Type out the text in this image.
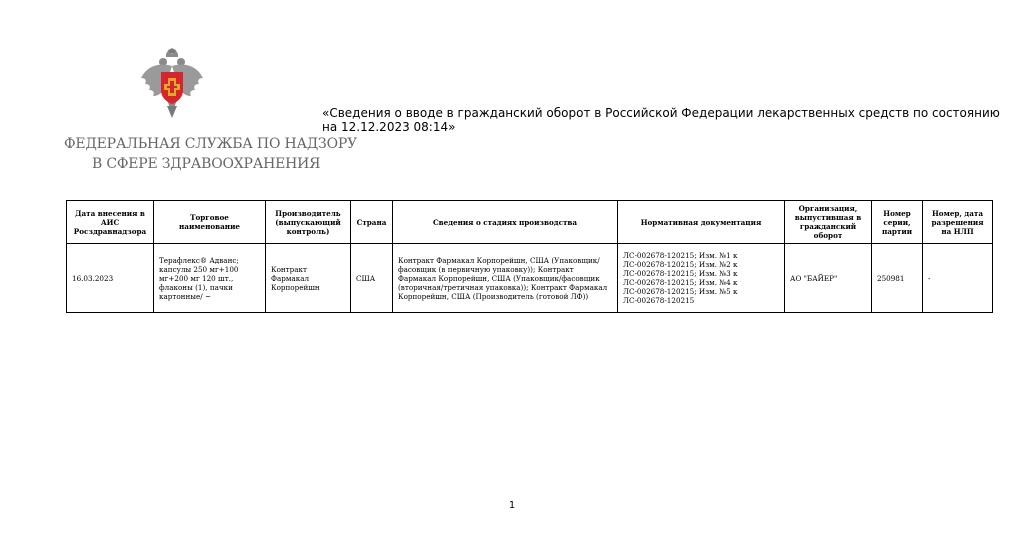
ФЕДЕРАЛЬНАЯ СЛУЖБА ПО НАДЗОРУ
В СФЕРЕ ЗДРАВООХРАНЕНИЯ
«Сведения о вводе в гражданский оборот в Российской Федерации лекарственных средств по состоянию на 12.12.2023 08:14»
Дата внесения в АИС Росздравнадзора	Торговое наименование	Производитель (выпускающий контроль)	Страна	Сведения о стадиях производства	Нормативная документация	Организация, выпустившая в гражданский оборот	Номер серии, партии	Номер, дата разрешения на НЛП
16.03.2023	Терафлекс® Адванс; капсулы 250 мг+100 мг+200 мг 120 шт., флаконы (1), пачки картонные/ ~	Контракт Фармакал Корпорейшн	США	Контракт Фармакал Корпорейшн, США (Упаковщик/фасовщик (в первичную упаковку)); Контракт Фармакал Корпорейшн, США (Упаковщик/фасовщик (вторичная/третичная упаковка)); Контракт Фармакал Корпорейшн, США (Производитель (готовой ЛФ))	ЛС-002678-120215; Изм. №1 к ЛС-002678-120215; Изм. №2 к ЛС-002678-120215; Изм. №3 к ЛС-002678-120215; Изм. №4 к ЛС-002678-120215; Изм. №5 к ЛС-002678-120215	АО "БАЙЕР"	250981	-
1
